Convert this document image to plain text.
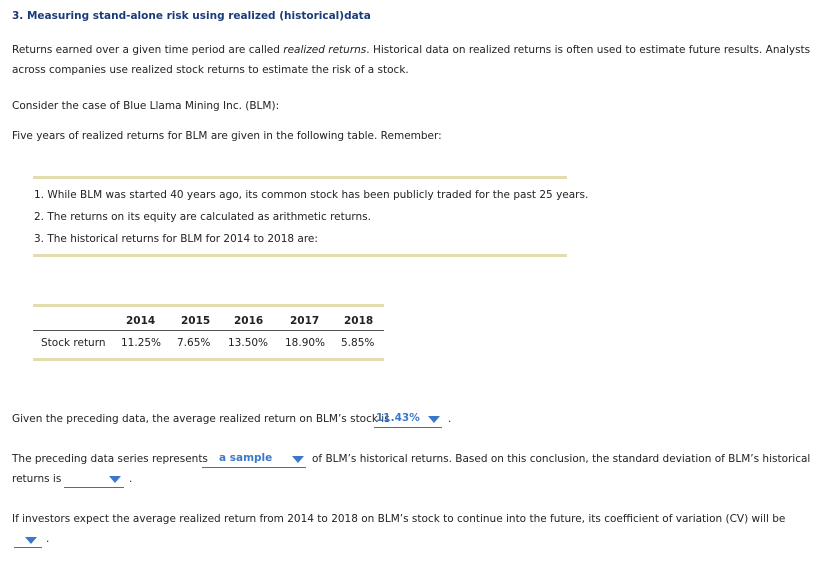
3. Measuring stand-alone risk using realized (historical)data
Returns earned over a given time period are called realized returns. Historical data on realized returns is often used to estimate future results. Analysts
across companies use realized stock returns to estimate the risk of a stock.
Consider the case of Blue Llama Mining Inc. (BLM):
Five years of realized returns for BLM are given in the following table. Remember:
1. While BLM was started 40 years ago, its common stock has been publicly traded for the past 25 years.
2. The returns on its equity are calculated as arithmetic returns.
3. The historical returns for BLM for 2014 to 2018 are:
2014 2015 2016	2017 2018
Stock return 11.25% 7.65% 13.50% 18.90% 5.85%
Given the preceding data, the average realized return on BLM’s stock is
11.43%	.
The preceding data series represents a sample	of BLM’s historical returns. Based on this conclusion, the standard deviation of BLM’s historical
returns is	.
If investors expect the average realized return from 2014 to 2018 on BLM’s stock to continue into the future, its coefficient of variation (CV) will be
.
